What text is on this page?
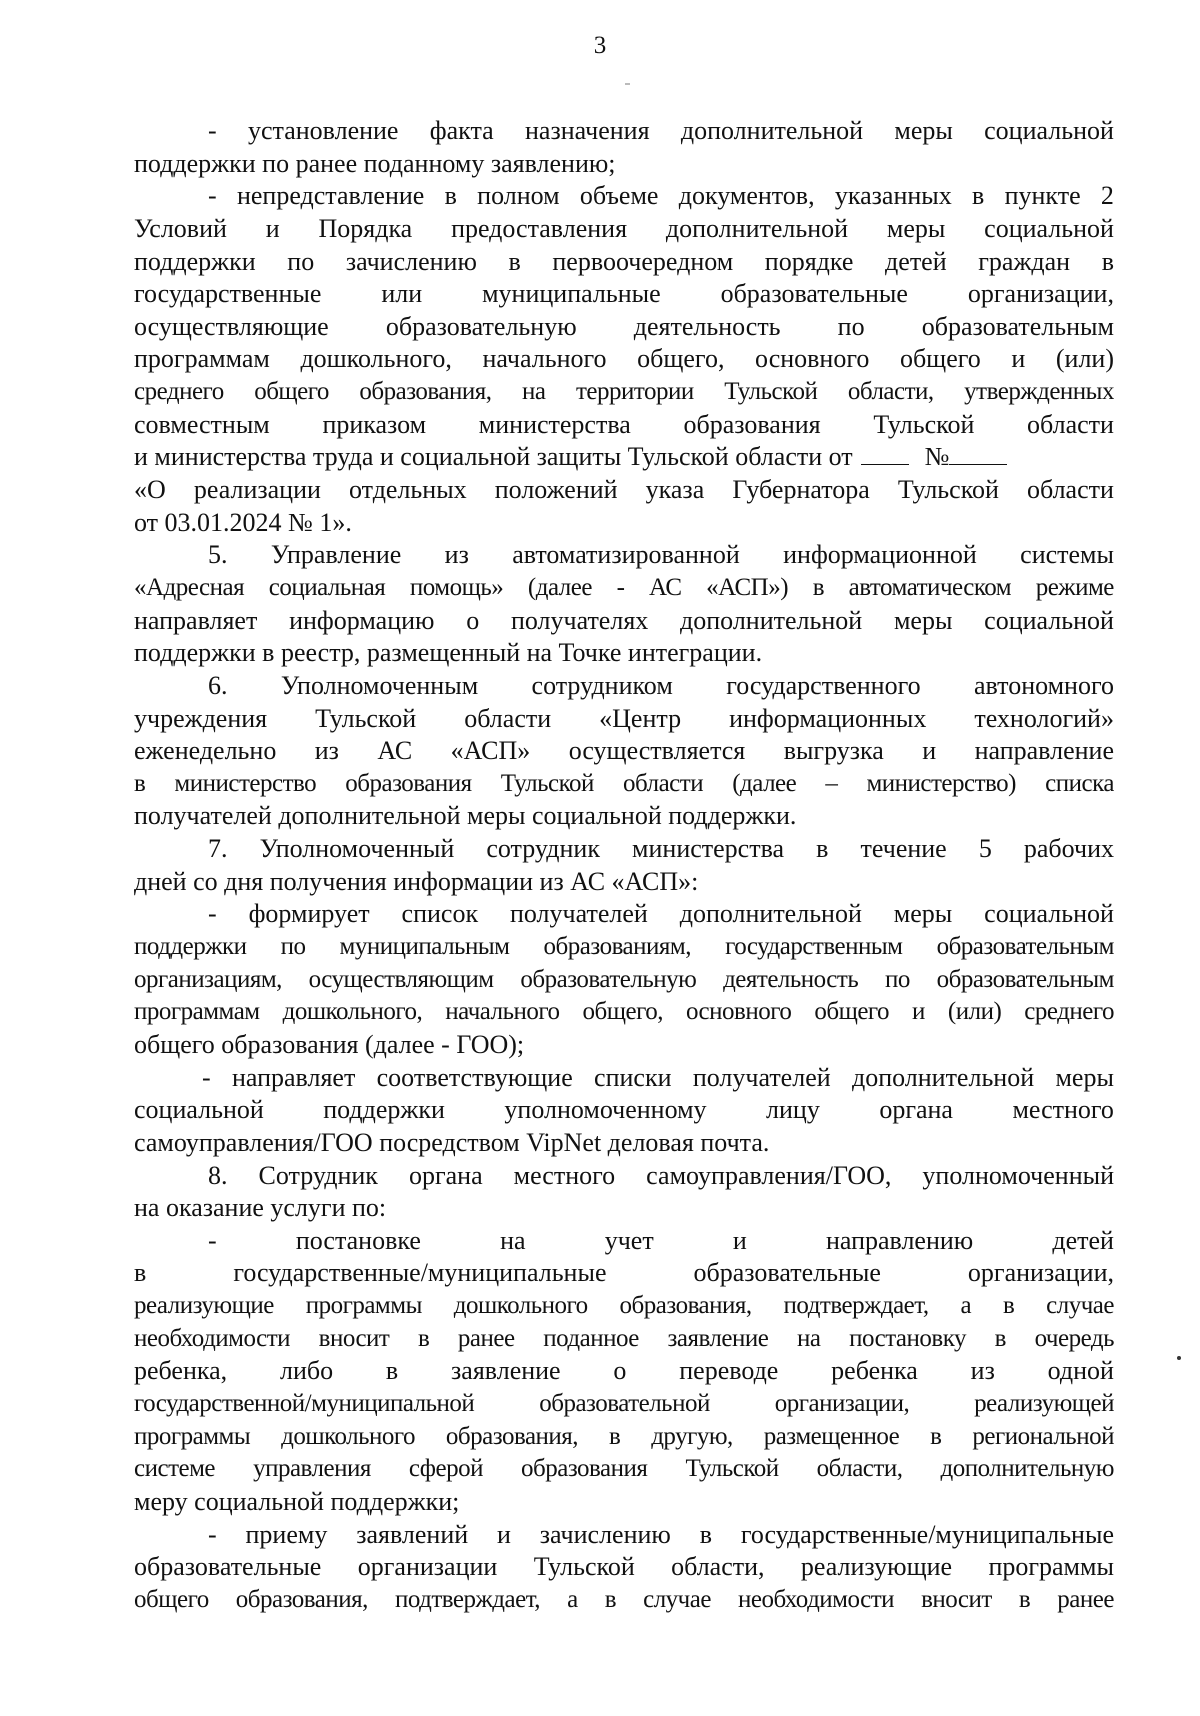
3
- установление факта назначения дополнительной меры социальной
поддержки по ранее поданному заявлению;
- непредставление в полном объеме документов, указанных в пункте 2
Условий и Порядка предоставления дополнительной меры социальной
поддержки по зачислению в первоочередном порядке детей граждан в
государственные или муниципальные образовательные организации,
осуществляющие образовательную деятельность по образовательным
программам дошкольного, начального общего, основного общего и (или)
среднего общего образования, на территории Тульской области, утвержденных
совместным приказом министерства образования Тульской области
и министерства труда и социальной защиты Тульской области от	№
«О реализации отдельных положений указа Губернатора Тульской области
от 03.01.2024 № 1».
5. Управление из автоматизированной информационной системы
«Адресная социальная помощь» (далее - АС «АСП») в автоматическом режиме
направляет информацию о получателях дополнительной меры социальной
поддержки в реестр, размещенный на Точке интеграции.
6. Уполномоченным сотрудником государственного автономного
учреждения Тульской области «Центр информационных технологий»
еженедельно из АС «АСП» осуществляется выгрузка и направление
в министерство образования Тульской области (далее – министерство) списка
получателей дополнительной меры социальной поддержки.
7. Уполномоченный сотрудник министерства в течение 5 рабочих
дней со дня получения информации из АС «АСП»:
- формирует список получателей дополнительной меры социальной
поддержки по муниципальным образованиям, государственным образовательным
организациям, осуществляющим образовательную деятельность по образовательным
программам дошкольного, начального общего, основного общего и (или) среднего
общего образования (далее - ГОО);
- направляет соответствующие списки получателей дополнительной меры
социальной поддержки уполномоченному лицу органа местного
самоуправления/ГОО посредством VipNet деловая почта.
8. Сотрудник органа местного самоуправления/ГОО, уполномоченный
на оказание услуги по:
-	постановке	на	учет	и	направлению	детей
в	государственные/муниципальные	образовательные	организации,
реализующие программы дошкольного образования, подтверждает, а в случае
необходимости вносит в ранее поданное заявление на постановку в очередь
ребенка, либо в заявление о переводе ребенка из одной
государственной/муниципальной	образовательной	организации,	реализующей
программы дошкольного образования, в другую, размещенное в региональной
системе управления сферой образования Тульской области, дополнительную
меру социальной поддержки;
- приему заявлений и зачислению в государственные/муниципальные
образовательные организации Тульской области, реализующие программы
общего образования, подтверждает, а в случае необходимости вносит в ранее
